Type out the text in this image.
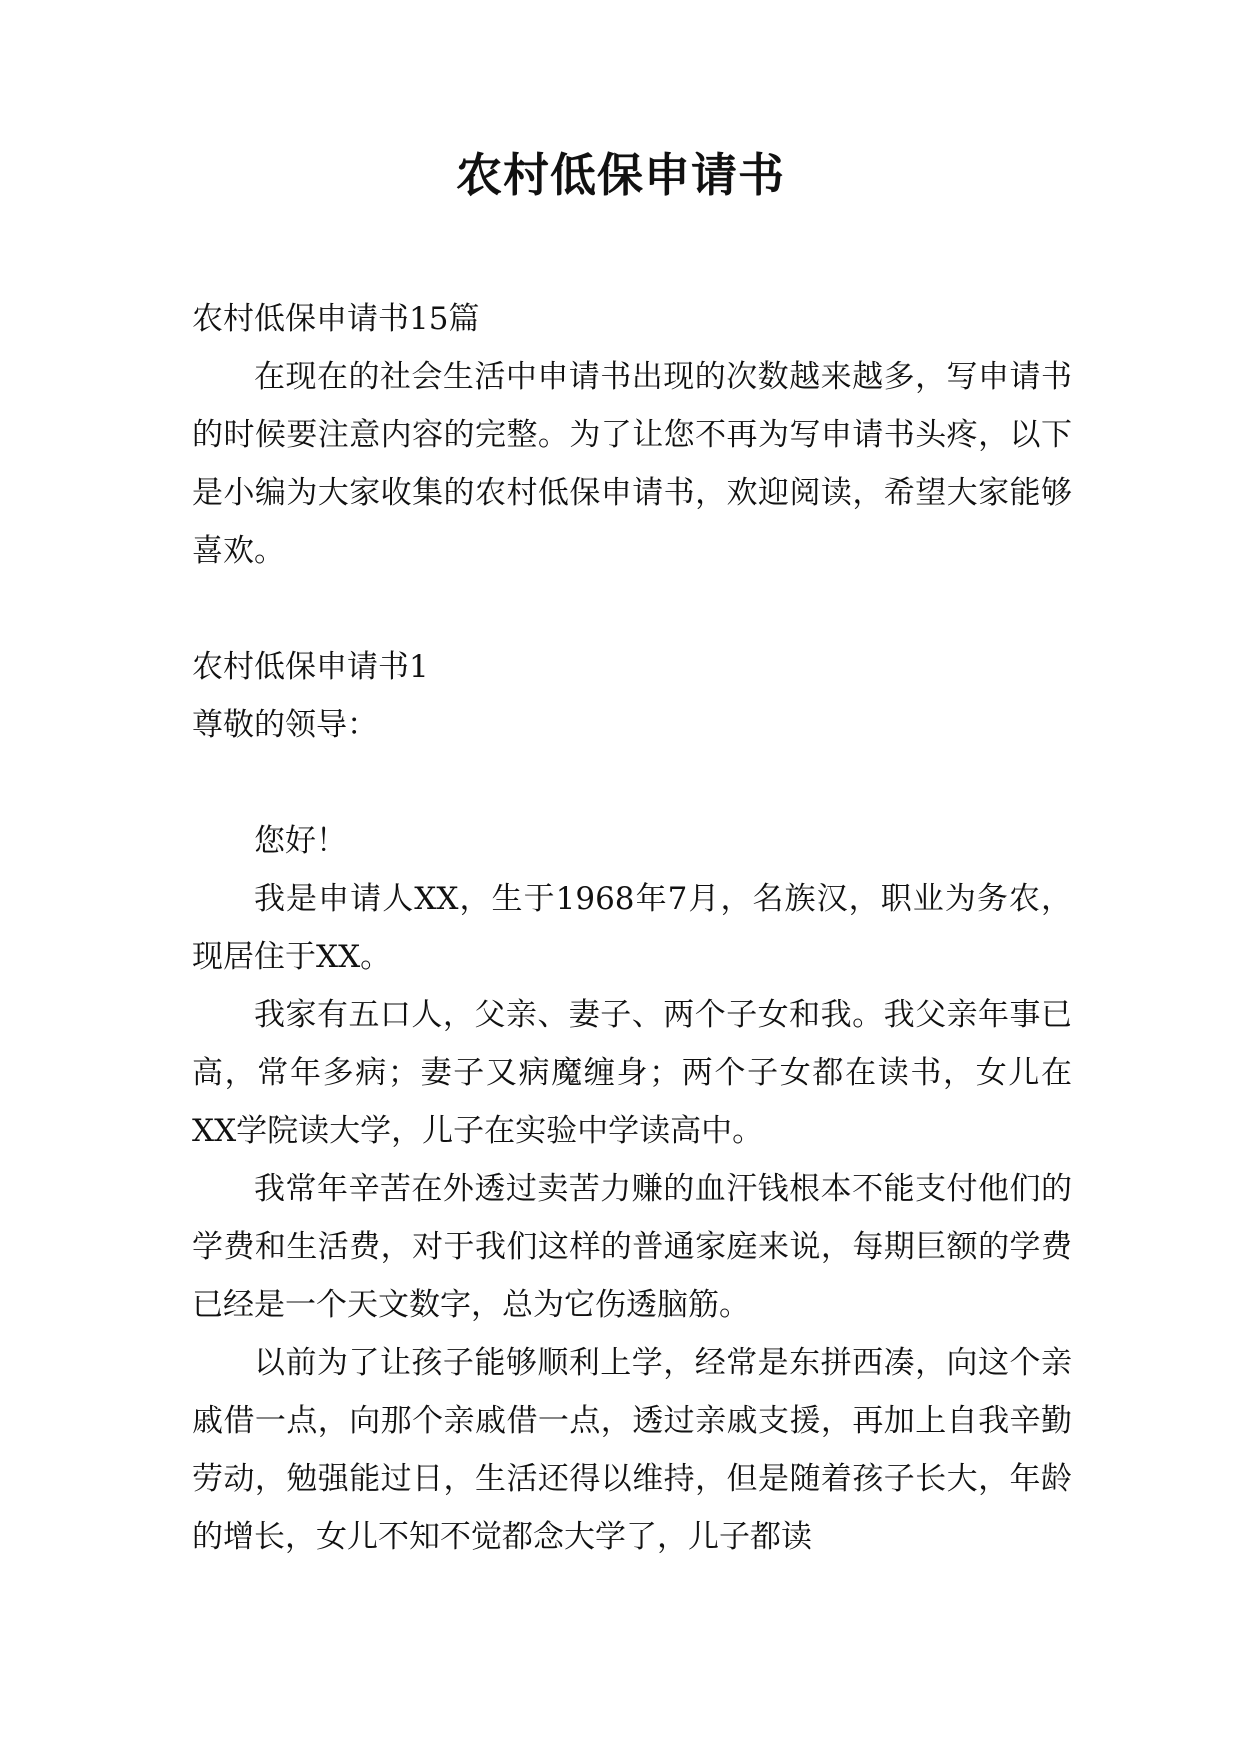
农村低保申请书

农村低保申请书15篇

在现在的社会生活中申请书出现的次数越来越多，写申请书的时候要注意内容的完整。为了让您不再为写申请书头疼，以下是小编为大家收集的农村低保申请书，欢迎阅读，希望大家能够喜欢。

农村低保申请书1

尊敬的领导：

您好！

我是申请人XX，生于1968年7月，名族汉，职业为务农，现居住于XX。

我家有五口人，父亲、妻子、两个子女和我。我父亲年事已高，常年多病；妻子又病魔缠身；两个子女都在读书，女儿在XX学院读大学，儿子在实验中学读高中。

我常年辛苦在外透过卖苦力赚的血汗钱根本不能支付他们的学费和生活费，对于我们这样的普通家庭来说，每期巨额的学费已经是一个天文数字，总为它伤透脑筋。

以前为了让孩子能够顺利上学，经常是东拼西凑，向这个亲戚借一点，向那个亲戚借一点，透过亲戚支援，再加上自我辛勤劳动，勉强能过日，生活还得以维持，但是随着孩子长大，年龄的增长，女儿不知不觉都念大学了，儿子都读
